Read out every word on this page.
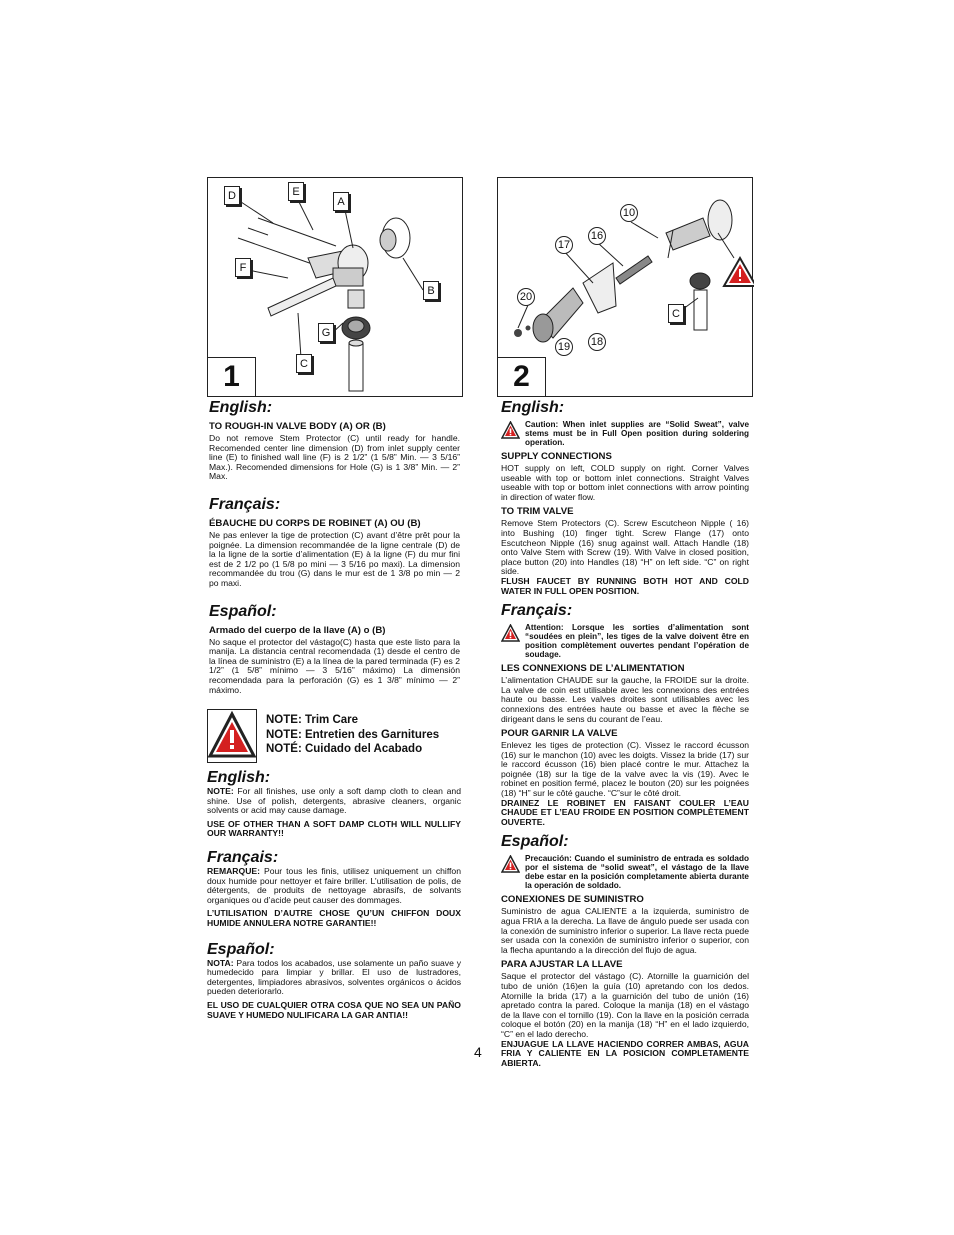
D	E
A
F
B
G
C
1
10
16
17
20
C
19 18
2
English:
TO ROUGH-IN VALVE BODY (A) OR (B)

Do not remove Stem Protector (C) until ready for handle. Recomended center line dimension (D) from inlet supply center line (E) to finished wall line (F) is 2 1/2” (1 5/8” Min. — 3 5/16” Max.). Recomended dimensions for Hole (G) is 1 3/8” Min. — 2” Max.

Français:
ÉBAUCHE DU CORPS DE ROBINET (A) OU (B)

Ne pas enlever la tige de protection (C) avant d’être prêt pour la poignée. La dimension recommandée de la ligne centrale (D) de la la ligne de la sortie d’alimentation (E) à la ligne (F) du mur fini est de 2 1/2 po (1 5/8 po mini — 3 5/16 po maxi). La dimension recommandée du trou (G) dans le mur est de 1 3/8 po min — 2 po maxi.

Español:
Armado del cuerpo de la llave (A) o (B)

No saque el protector del vástago(C) hasta que este listo para la manija. La distancia central recomendada (1) desde el centro de la línea de suministro (E) a la línea de la pared terminada (F) es 2 1/2” (1 5/8” mínimo — 3 5/16” máximo) La dimensión recomendada para la perforación (G) es 1 3/8” mínimo — 2” máximo.

NOTE: Trim Care
NOTE: Entretien des Garnitures
NOTÉ: Cuidado del Acabado
English:

NOTE: For all finishes, use only a soft damp cloth to clean and shine. Use of polish, detergents, abrasive cleaners, organic solvents or acid may cause damage.

USE OF OTHER THAN A SOFT DAMP CLOTH WILL NULLIFY OUR WARRANTY!!

Français:

REMARQUE: Pour tous les finis, utilisez uniquement un chiffon doux humide pour nettoyer et faire briller. L’utilisation de polis, de détergents, de produits de nettoyage abrasifs, de solvants organiques ou d’acide peut causer des dommages.

L’UTILISATION D’AUTRE CHOSE QU’UN CHIFFON DOUX HUMIDE ANNULERA NOTRE GARANTIE!!

Español:

NOTA: Para todos los acabados, use solamente un paño suave y humedecido para limpiar y brillar. El uso de lustradores, detergentes, limpiadores abrasivos, solventes orgánicos o ácidos pueden deteriorarlo.

EL USO DE CUALQUIER OTRA COSA QUE NO SEA UN PAÑO SUAVE Y HUMEDO NULIFICARA LA GAR ANTIA!!

English:
Caution: When inlet supplies are “Solid Sweat”, valve stems must be in Full Open position during soldering operation.
SUPPLY CONNECTIONS

HOT supply on left, COLD supply on right. Corner Valves useable with top or bottom inlet connections. Straight Valves useable with top or bottom inlet connections with arrow pointing in direction of water flow.

TO TRIM VALVE

Remove Stem Protectors (C). Screw Escutcheon Nipple ( 16) into Bushing (10) finger tight. Screw Flange (17) onto Escutcheon Nipple (16) snug against wall. Attach Handle (18) onto Valve Stem with Screw (19). With Valve in closed position, place button (20) into Handles (18) “H” on left side. “C” on right side.

FLUSH FAUCET BY RUNNING BOTH HOT AND COLD WATER IN FULL OPEN POSITION.

Français:
Attention: Lorsque les sorties d’alimentation sont “soudées en plein”, les tiges de la valve doivent être en position complètement ouvertes pendant l’opération de soudage.
LES CONNEXIONS DE L’ALIMENTATION

L’alimentation CHAUDE sur la gauche, la FROIDE sur la droite. La valve de coin est utilisable avec les connexions des entrées haute ou basse. Les valves droites sont utilisables avec les connexions des entrées haute ou basse et avec la flèche se dirigeant dans le sens du courant de l’eau.

POUR GARNIR LA VALVE

Enlevez les tiges de protection (C). Vissez le raccord écusson (16) sur le manchon (10) avec les doigts. Vissez la bride (17) sur le raccord écusson (16) bien placé contre le mur. Attachez la poignée (18) sur la tige de la valve avec la vis (19). Avec le robinet en position fermé, placez le bouton (20) sur les poignées (18) “H” sur le côté gauche. “C”sur le côté droit.

DRAINEZ LE ROBINET EN FAISANT COULER L’EAU CHAUDE ET L’EAU FROIDE EN POSITION COMPLÈTEMENT OUVERTE.

Español:
Precaución: Cuando el suministro de entrada es soldado por el sistema de “solid sweat”, el vástago de la llave debe estar en la posición completamente abierta durante la operación de soldado.
CONEXIONES DE SUMINISTRO

Suministro de agua CALIENTE a la izquierda, suministro de agua FRIA a la derecha. La llave de ángulo puede ser usada con la conexión de suministro inferior o superior. La llave recta puede ser usada con la conexión de suministro inferior o superior, con la flecha apuntando a la dirección del flujo de agua.

PARA AJUSTAR LA LLAVE

Saque el protector del vástago (C). Atornille la guarnición del tubo de unión (16)en la guía (10) apretando con los dedos. Atornille la brida (17) a la guarnición del tubo de unión (16) apretado contra la pared. Coloque la manija (18) en el vástago de la llave con el tornillo (19). Con la llave en la posición cerrada coloque el botón (20) en la manija (18) “H” en el lado izquierdo, “C” en el lado derecho.

ENJUAGUE LA LLAVE HACIENDO CORRER AMBAS, AGUA FRIA Y CALIENTE EN LA POSICION COMPLETAMENTE ABIERTA.

4
